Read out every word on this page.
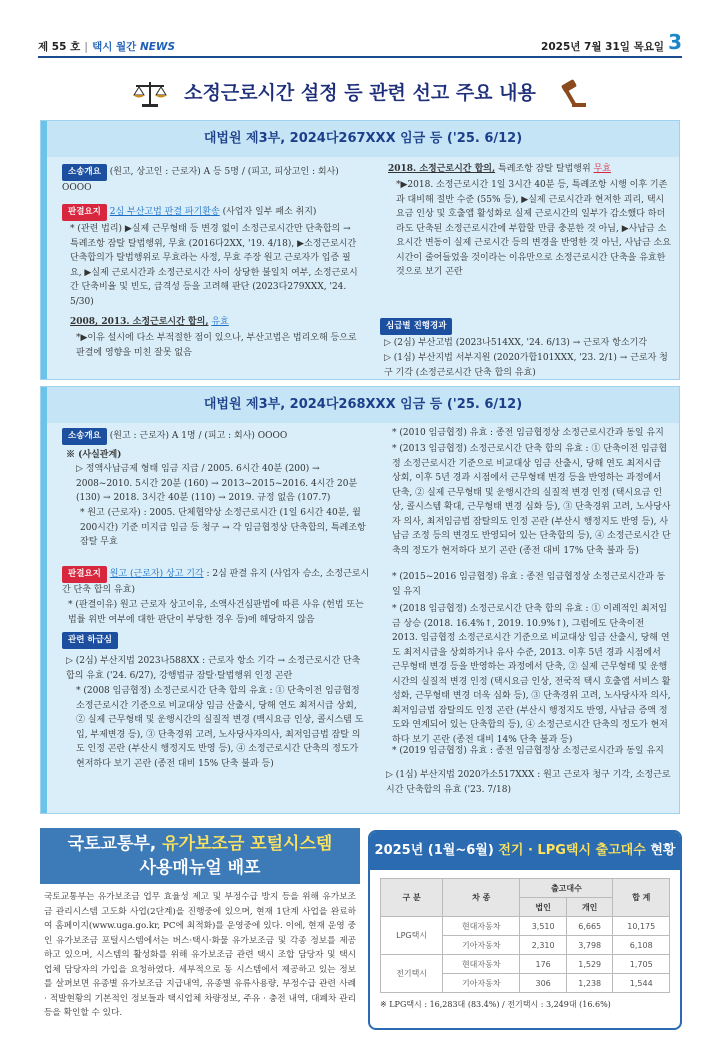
제 55 호 | 택시 월간 NEWS	2025년 7월 31일 목요일 3
소정근로시간 설정 등 관련 선고 주요 내용
대법원 제3부, 2024다267XXX 임금 등 ('25. 6/12)
소송개요 (원고, 상고인 : 근로자) A 등 5명 / (피고, 피상고인 : 회사) OOOO
판결요지 2심 부산고법 판결 파기환송 (사업자 일부 패소 취지)
* (관련 법리) ▶실제 근무형태 등 변경 없이 소정근로시간만 단축합의 → 특례조항 잠탈 탈법행위, 무효 (2016다2XX, '19. 4/18), ▶소정근로시간 단축합의가 탈법행위로 무효라는 사정, 무효 주장 원고 근로자가 입증 필요, ▶실제 근로시간과 소정근로시간 사이 상당한 불일치 여부, 소정근로시간 단축비율 및 빈도, 급격성 등을 고려해 판단 (2023다279XXX, '24. 5/30)
2008, 2013. 소정근로시간 합의, 유효
*▶이유 설시에 다소 부적절한 점이 있으나, 부산고법은 법리오해 등으로 판결에 영향을 미친 잘못 없음
2018. 소정근로시간 합의, 특례조항 잠탈 탈법행위 무효
*▶2018. 소정근로시간 1일 3시간 40분 등, 특례조항 시행 이후 기존과 대비해 절반 수준 (55% 등), ▶실제 근로시간과 현저한 괴리, 택시요금 인상 및 호출앱 활성화로 실제 근로시간의 일부가 감소했다 하더라도 단축된 소정근로시간에 부합할 만큼 충분한 것 아님, ▶사납금 소요시간 변동이 실제 근로시간 등의 변경을 반영한 것 아닌, 사납금 소요시간이 줄어들었을 것이라는 이유만으로 소정근로시간 단축을 유효한 것으로 보기 곤란
심급별 진행경과
▷ (2심) 부산고법 (2023나514XX, '24. 6/13) → 근로자 항소기각
▷ (1심) 부산지법 서부지원 (2020가합101XXX, '23. 2/1) → 근로자 청구 기각 (소정근로시간 단축 합의 유효)
대법원 제3부, 2024다268XXX 임금 등 ('25. 6/12)
소송개요 (원고 : 근로자) A 1명 / (피고 : 회사) OOOO
※ (사실관계)
▷ 정액사납금제 형태 임금 지급 / 2005. 6시간 40분 (200) → 2008~2010. 5시간 20분 (160) → 2013~2015~2016. 4시간 20분 (130) → 2018. 3시간 40분 (110) → 2019. 규정 없음 (107.7)
* 원고 (근로자) : 2005. 단체협약상 소정근로시간 (1일 6시간 40분, 월 200시간) 기준 미지급 임금 등 청구 → 각 임금협정상 단축합의, 특례조항 잠탈 무효
판결요지 원고 (근로자) 상고 기각 : 2심 판결 유지 (사업자 승소, 소정근로시간 단축 합의 유효)
* (판결이유) 원고 근로자 상고이유, 소액사건심판법에 따른 사유 (헌법 또는 법률 위반 여부에 대한 판단이 부당한 경우 등)에 해당하지 않음
관련 하급심
▷ (2심) 부산지법 2023나588XX : 근로자 항소 기각 → 소정근로시간 단축합의 유효 ('24. 6/27), 강행법규 잠탈·탈법행위 인정 곤란
* (2008 임금협정) 소정근로시간 단축 합의 유효 : ① 단축이전 임금협정 소정근로시간 기준으로 비교대상 임금 산출시, 당해 연도 최저시급 상회, ② 실제 근무형태 및 운행시간의 실질적 변경 (백시요금 인상, 콜시스템 도입, 부제변경 등), ③ 단축경위 고려, 노사당사자의사, 최저임금법 잠탈 의도 인정 곤란 (부산시 행정지도 반영 등), ④ 소정근로시간 단축의 정도가 현저하다 보기 곤란 (종전 대비 15% 단축 불과 등)
* (2010 임금협정) 유효 : 종전 임금협정상 소정근로시간과 동일 유지
* (2013 임금협정) 소정근로시간 단축 합의 유효 : ① 단축이전 임금협정 소정근로시간 기준으로 비교대상 임금 산출시, 당해 연도 최저시급 상회, 이후 5년 경과 시점에서 근무형태 변경 등을 반영하는 과정에서 단축, ② 실제 근무형태 및 운행시간의 실질적 변경 인정 (택시요금 인상, 콜시스템 확대, 근무형태 변경 심화 등), ③ 단축경위 고려, 노사당사자 의사, 최저임금법 잠탈의도 인정 곤란 (부산시 행정지도 반영 등), 사납금 조정 등의 변경도 반영되어 있는 단축합의 등), ④ 소정근로시간 단축의 정도가 현저하다 보기 곤란 (종전 대비 17% 단축 불과 등)
* (2015~2016 임금협정) 유효 : 종전 임금협정상 소정근로시간과 동일 유지
* (2018 임금협정) 소정근로시간 단축 합의 유효 : ① 이례적인 최저임금 상승 (2018. 16.4%↑, 2019. 10.9%↑), 그럼에도 단축이전 2013. 임금협정 소정근로시간 기준으로 비교대상 임금 산출시, 당해 연도 최저시급을 상회하거나 유사 수준, 2013. 이후 5년 경과 시점에서 근무형태 변경 등을 반영하는 과정에서 단축, ② 실제 근무형태 및 운행시간의 실질적 변경 인정 (택시요금 인상, 전국적 택시 호출앱 서비스 활성화, 근무형태 변경 더욱 심화 등), ③ 단축경위 고려, 노사당사자 의사, 최저임금법 잠탈의도 인정 곤란 (부산시 행정지도 반영, 사납금 증액 정도와 연계되어 있는 단축합의 등), ④ 소정근로시간 단축의 정도가 현저하다 보기 곤란 (종전 대비 14% 단축 불과 등)
* (2019 임금협정) 유효 : 종전 임금협정상 소정근로시간과 동일 유지
▷ (1심) 부산지법 2020가소517XXX : 원고 근로자 청구 기각, 소정근로시간 단축합의 유효 ('23. 7/18)
국토교통부, 유가보조금 포털시스템
사용매뉴얼 배포
국토교통부는 유가보조금 업무 효율성 제고 및 부정수급 방지 등을 위해 유가보조금 관리시스템 고도화 사업(2단계)을 진행중에 있으며, 현재 1단계 사업을 완료하여 홈페이지(www.uga.go.kr, PC에 최적화)를 운영중에 있다. 이에, 현재 운영 중인 유가보조금 포털시스템에서는 버스·택시·화물 유가보조금 및 각종 정보를 제공하고 있으며, 시스템의 활성화를 위해 유가보조금 관련 택시 조합 담당자 및 택시 업체 담당자의 가입을 요청하였다. 세부적으로 동 시스템에서 제공하고 있는 정보를 살펴보면 유종별 유가보조금 지급내역, 유종별 유류사용량, 부정수급 관련 사례 · 적발현황의 기본적인 정보들과 택시업체 차량정보, 주유 · 충전 내역, 대폐차 관리 등을 확인할 수 있다.
2025년 (1월~6월) 전기 · LPG택시 출고대수 현황
구 분	차 종	출고대수		합 계
		법인	개인	
LPG택시	현대자동차	3,510	6,665	10,175
	기아자동차	2,310	3,798	6,108
전기택시	현대자동차	176	1,529	1,705
	기아자동차	306	1,238	1,544
※ LPG택시 : 16,283대 (83.4%) / 전기택시 : 3,249대 (16.6%)
